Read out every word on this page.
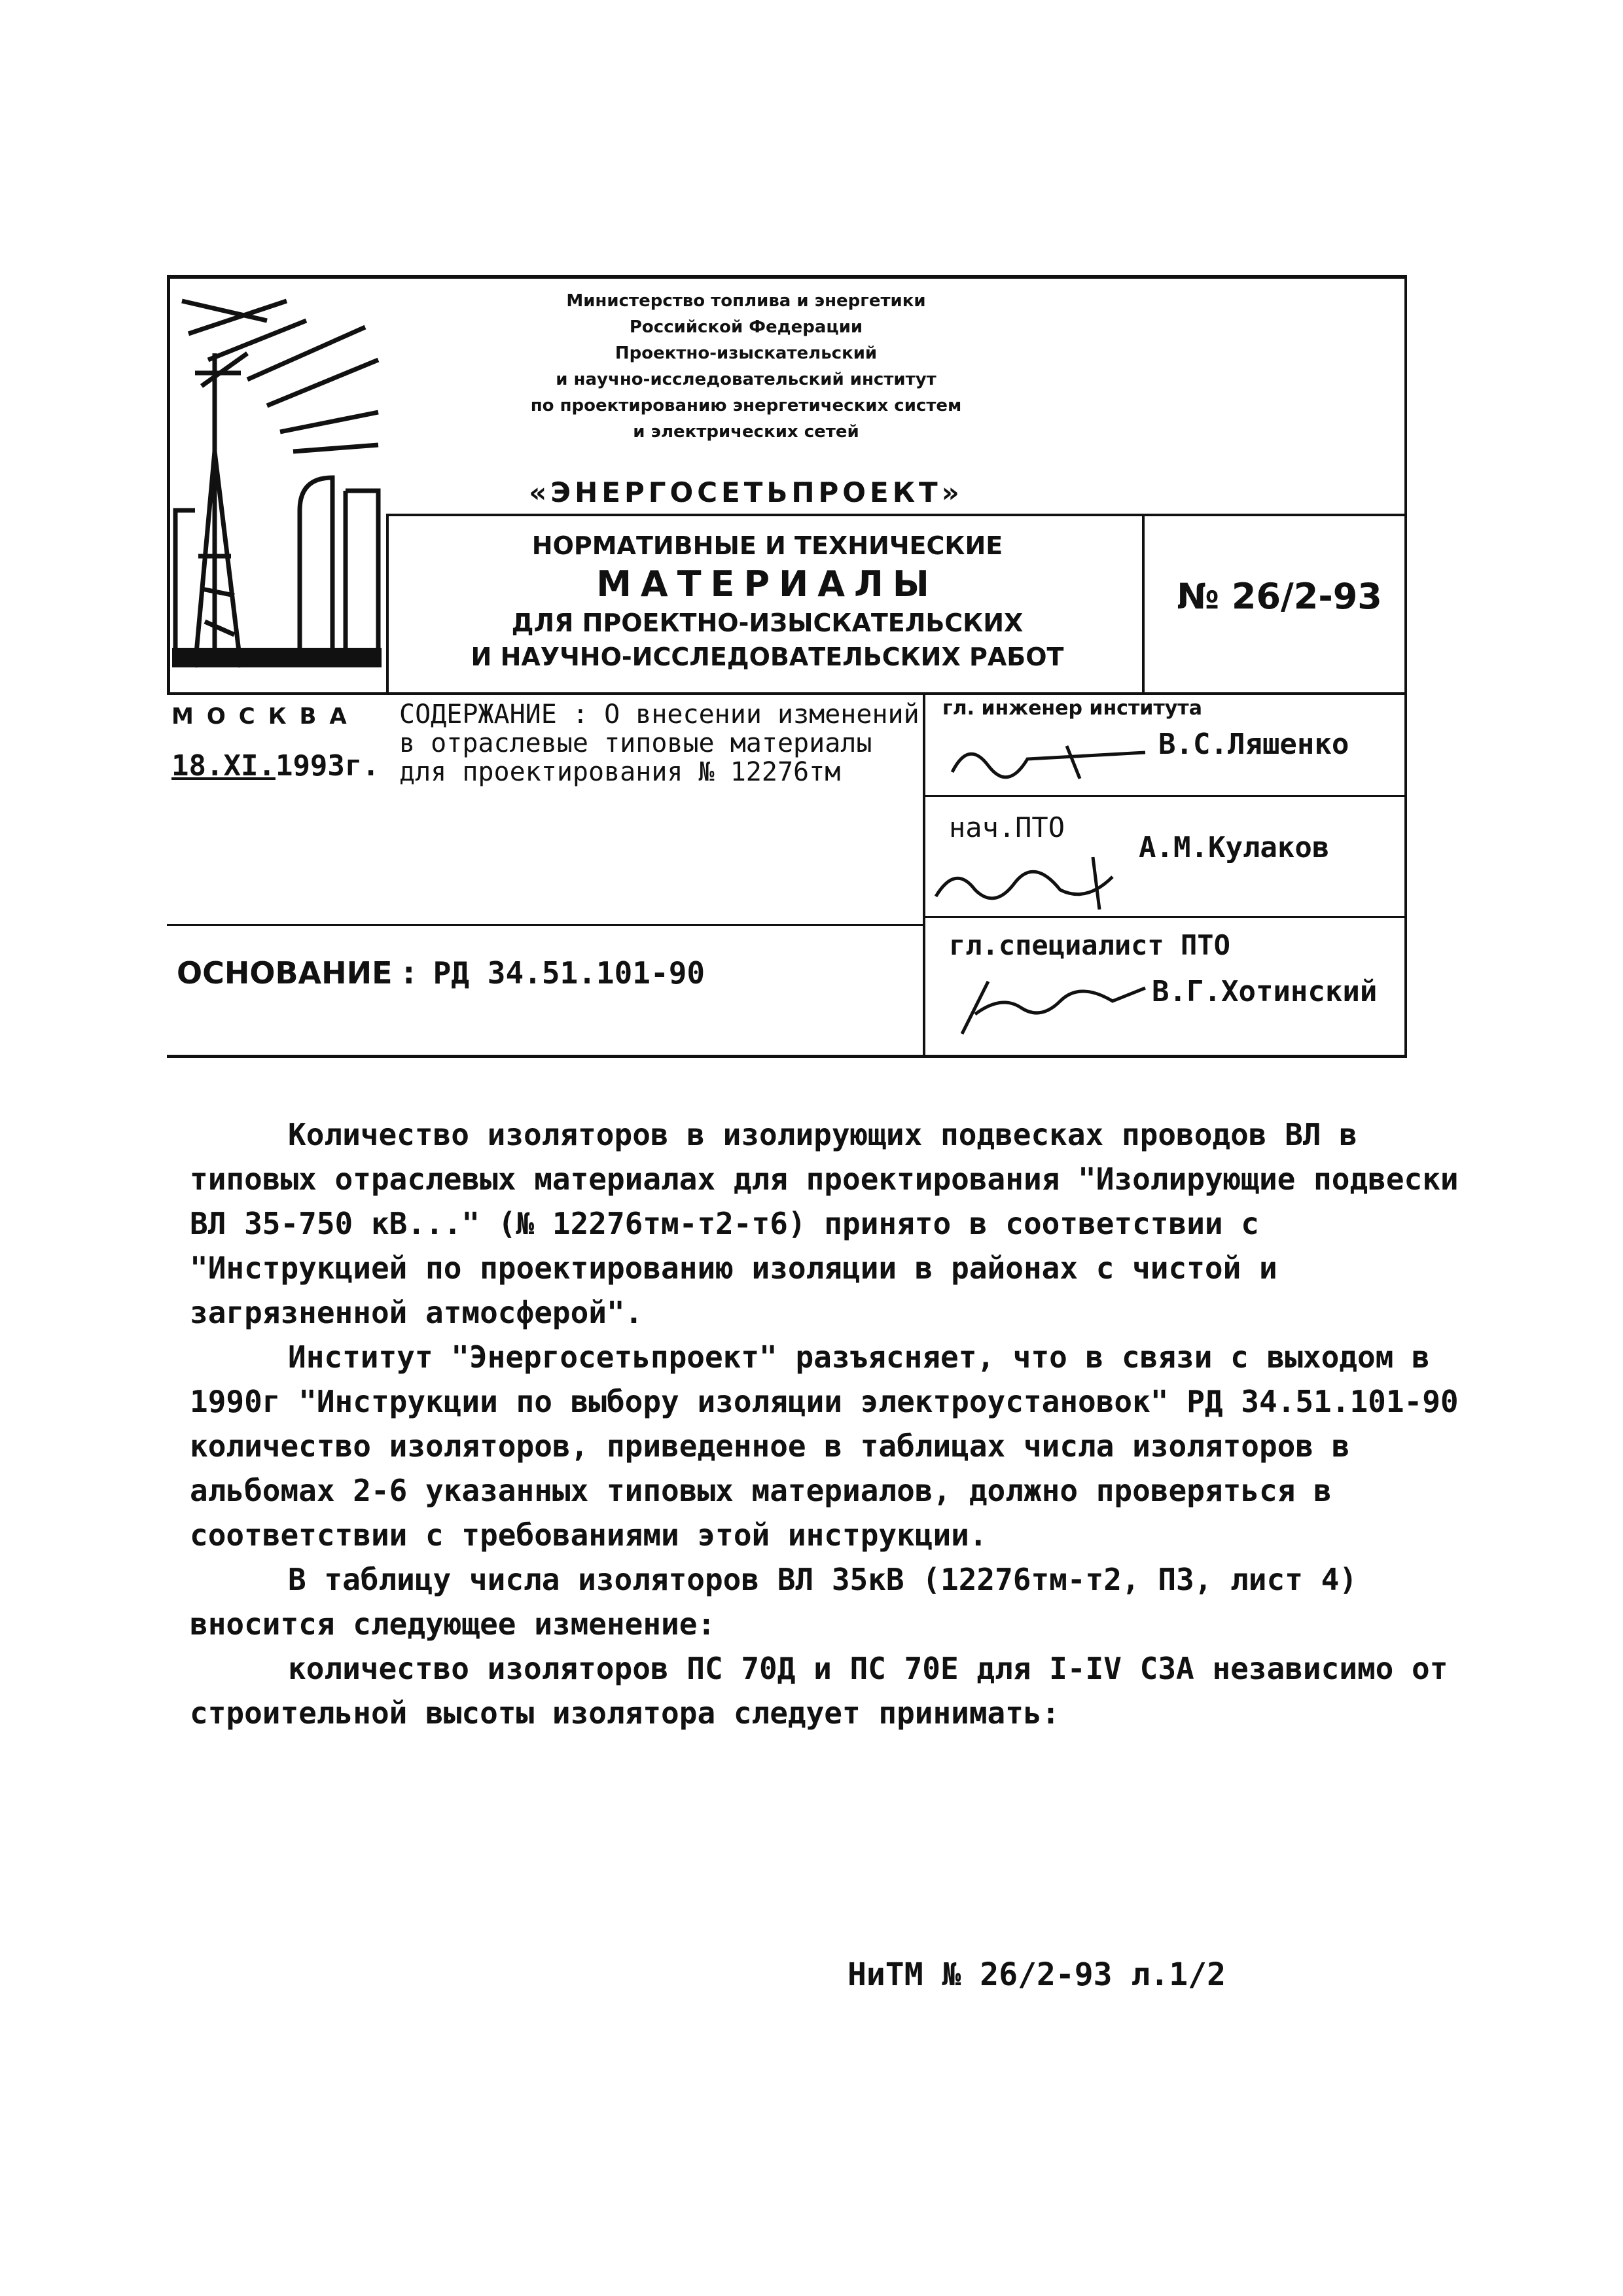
Министерство топлива и энергетики
Российской Федерации
Проектно-изыскательский
и научно-исследовательский институт
по проектированию энергетических систем
и электрических сетей
«ЭНЕРГОСЕТЬПРОЕКТ»
НОРМАТИВНЫЕ И ТЕХНИЧЕСКИЕ
МАТЕРИАЛЫ
ДЛЯ ПРОЕКТНО-ИЗЫСКАТЕЛЬСКИХ
И НАУЧНО-ИССЛЕДОВАТЕЛЬСКИХ РАБОТ
№ 26/2-93
МОСКВА
18.XI.1993г.
СОДЕРЖАНИЕ : О внесении изменений в отраслевые типовые материалы для проектирования № 12276тм
ОСНОВАНИЕ : РД 34.51.101-90
гл. инженер института
В.С.Ляшенко
нач.ПТО
А.М.Кулаков
гл.специалист ПТО
В.Г.Хотинский

Количество изоляторов в изолирующих подвесках проводов ВЛ в типовых отраслевых материалах для проектирования "Изолирующие подвески ВЛ 35-750 кВ..." (№ 12276тм-т2-т6) принято в соответствии с "Инструкцией по проектированию изоляции в районах с чистой и загрязненной атмосферой".

Институт "Энергосетьпроект" разъясняет, что в связи с выходом в 1990г "Инструкции по выбору изоляции электроустановок" РД 34.51.101-90 количество изоляторов, приведенное в таблицах числа изоляторов в альбомах 2-6 указанных типовых материалов, должно проверяться в соответствии с требованиями этой инструкции.

В таблицу числа изоляторов ВЛ 35кВ (12276тм-т2, ПЗ, лист 4) вносится следующее изменение:

количество изоляторов ПС 70Д и ПС 70Е для I-IV СЗА независимо от строительной высоты изолятора следует принимать:

НиТМ № 26/2-93 л.1/2
